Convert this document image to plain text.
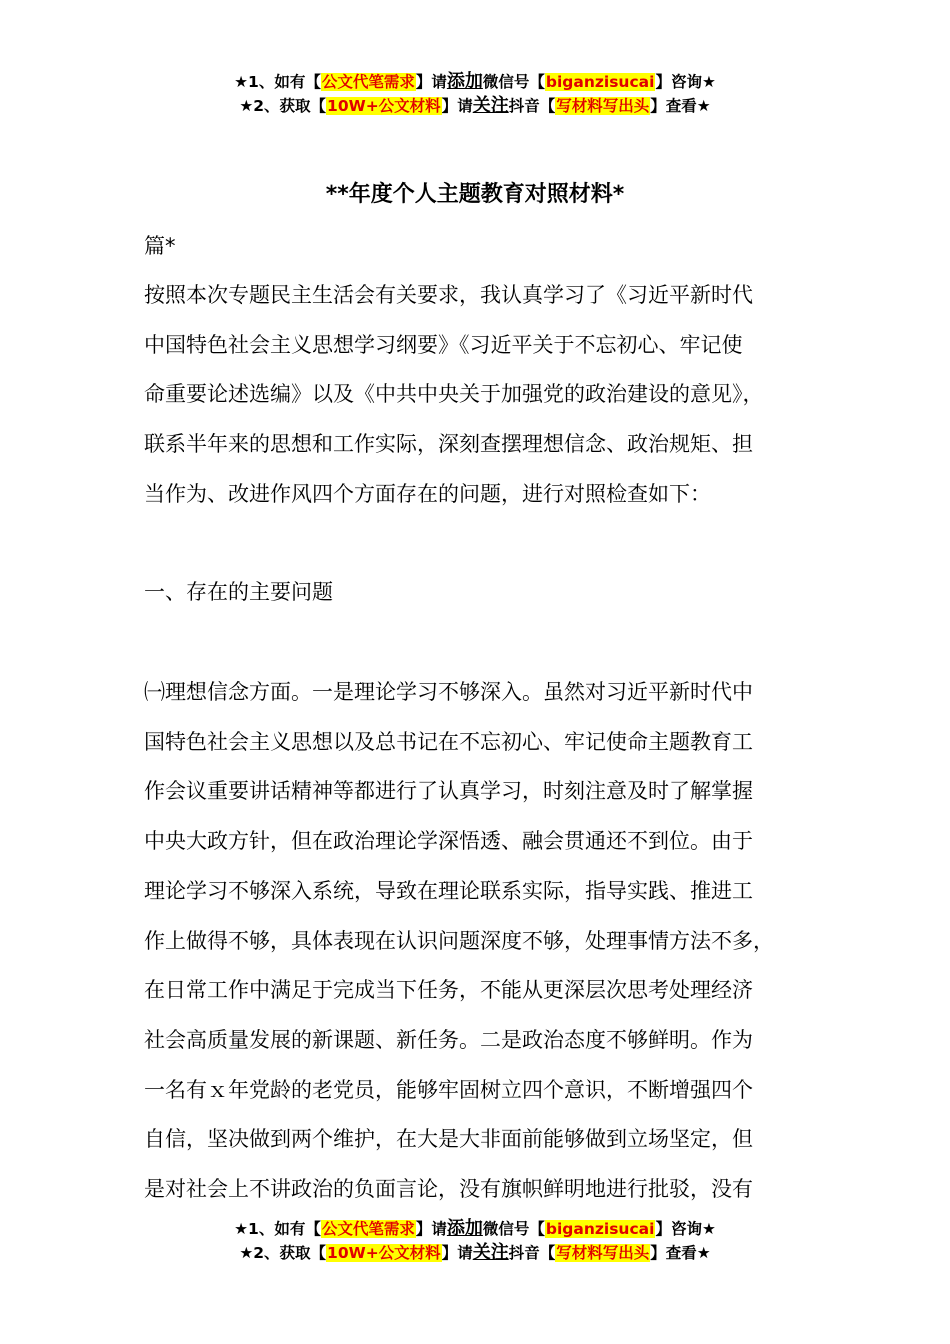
★1、如有【公文代笔需求】请添加微信号【biganzisucai】咨询★
★2、获取【10W+公文材料】请关注抖音【写材料写出头】查看★
**年度个人主题教育对照材料*
篇*
按照本次专题民主生活会有关要求，我认真学习了《习近平新时代
中国特色社会主义思想学习纲要》《习近平关于不忘初心、牢记使
命重要论述选编》以及《中共中央关于加强党的政治建设的意见》，
联系半年来的思想和工作实际，深刻查摆理想信念、政治规矩、担
当作为、改进作风四个方面存在的问题，进行对照检查如下：
一、存在的主要问题
㈠理想信念方面。一是理论学习不够深入。虽然对习近平新时代中
国特色社会主义思想以及总书记在不忘初心、牢记使命主题教育工
作会议重要讲话精神等都进行了认真学习，时刻注意及时了解掌握
中央大政方针，但在政治理论学深悟透、融会贯通还不到位。由于
理论学习不够深入系统，导致在理论联系实际，指导实践、推进工
作上做得不够，具体表现在认识问题深度不够，处理事情方法不多，
在日常工作中满足于完成当下任务，不能从更深层次思考处理经济
社会高质量发展的新课题、新任务。二是政治态度不够鲜明。作为
一名有ｘ年党龄的老党员，能够牢固树立四个意识，不断增强四个
自信，坚决做到两个维护，在大是大非面前能够做到立场坚定，但
是对社会上不讲政治的负面言论，没有旗帜鲜明地进行批驳，没有
★1、如有【公文代笔需求】请添加微信号【biganzisucai】咨询★
★2、获取【10W+公文材料】请关注抖音【写材料写出头】查看★
